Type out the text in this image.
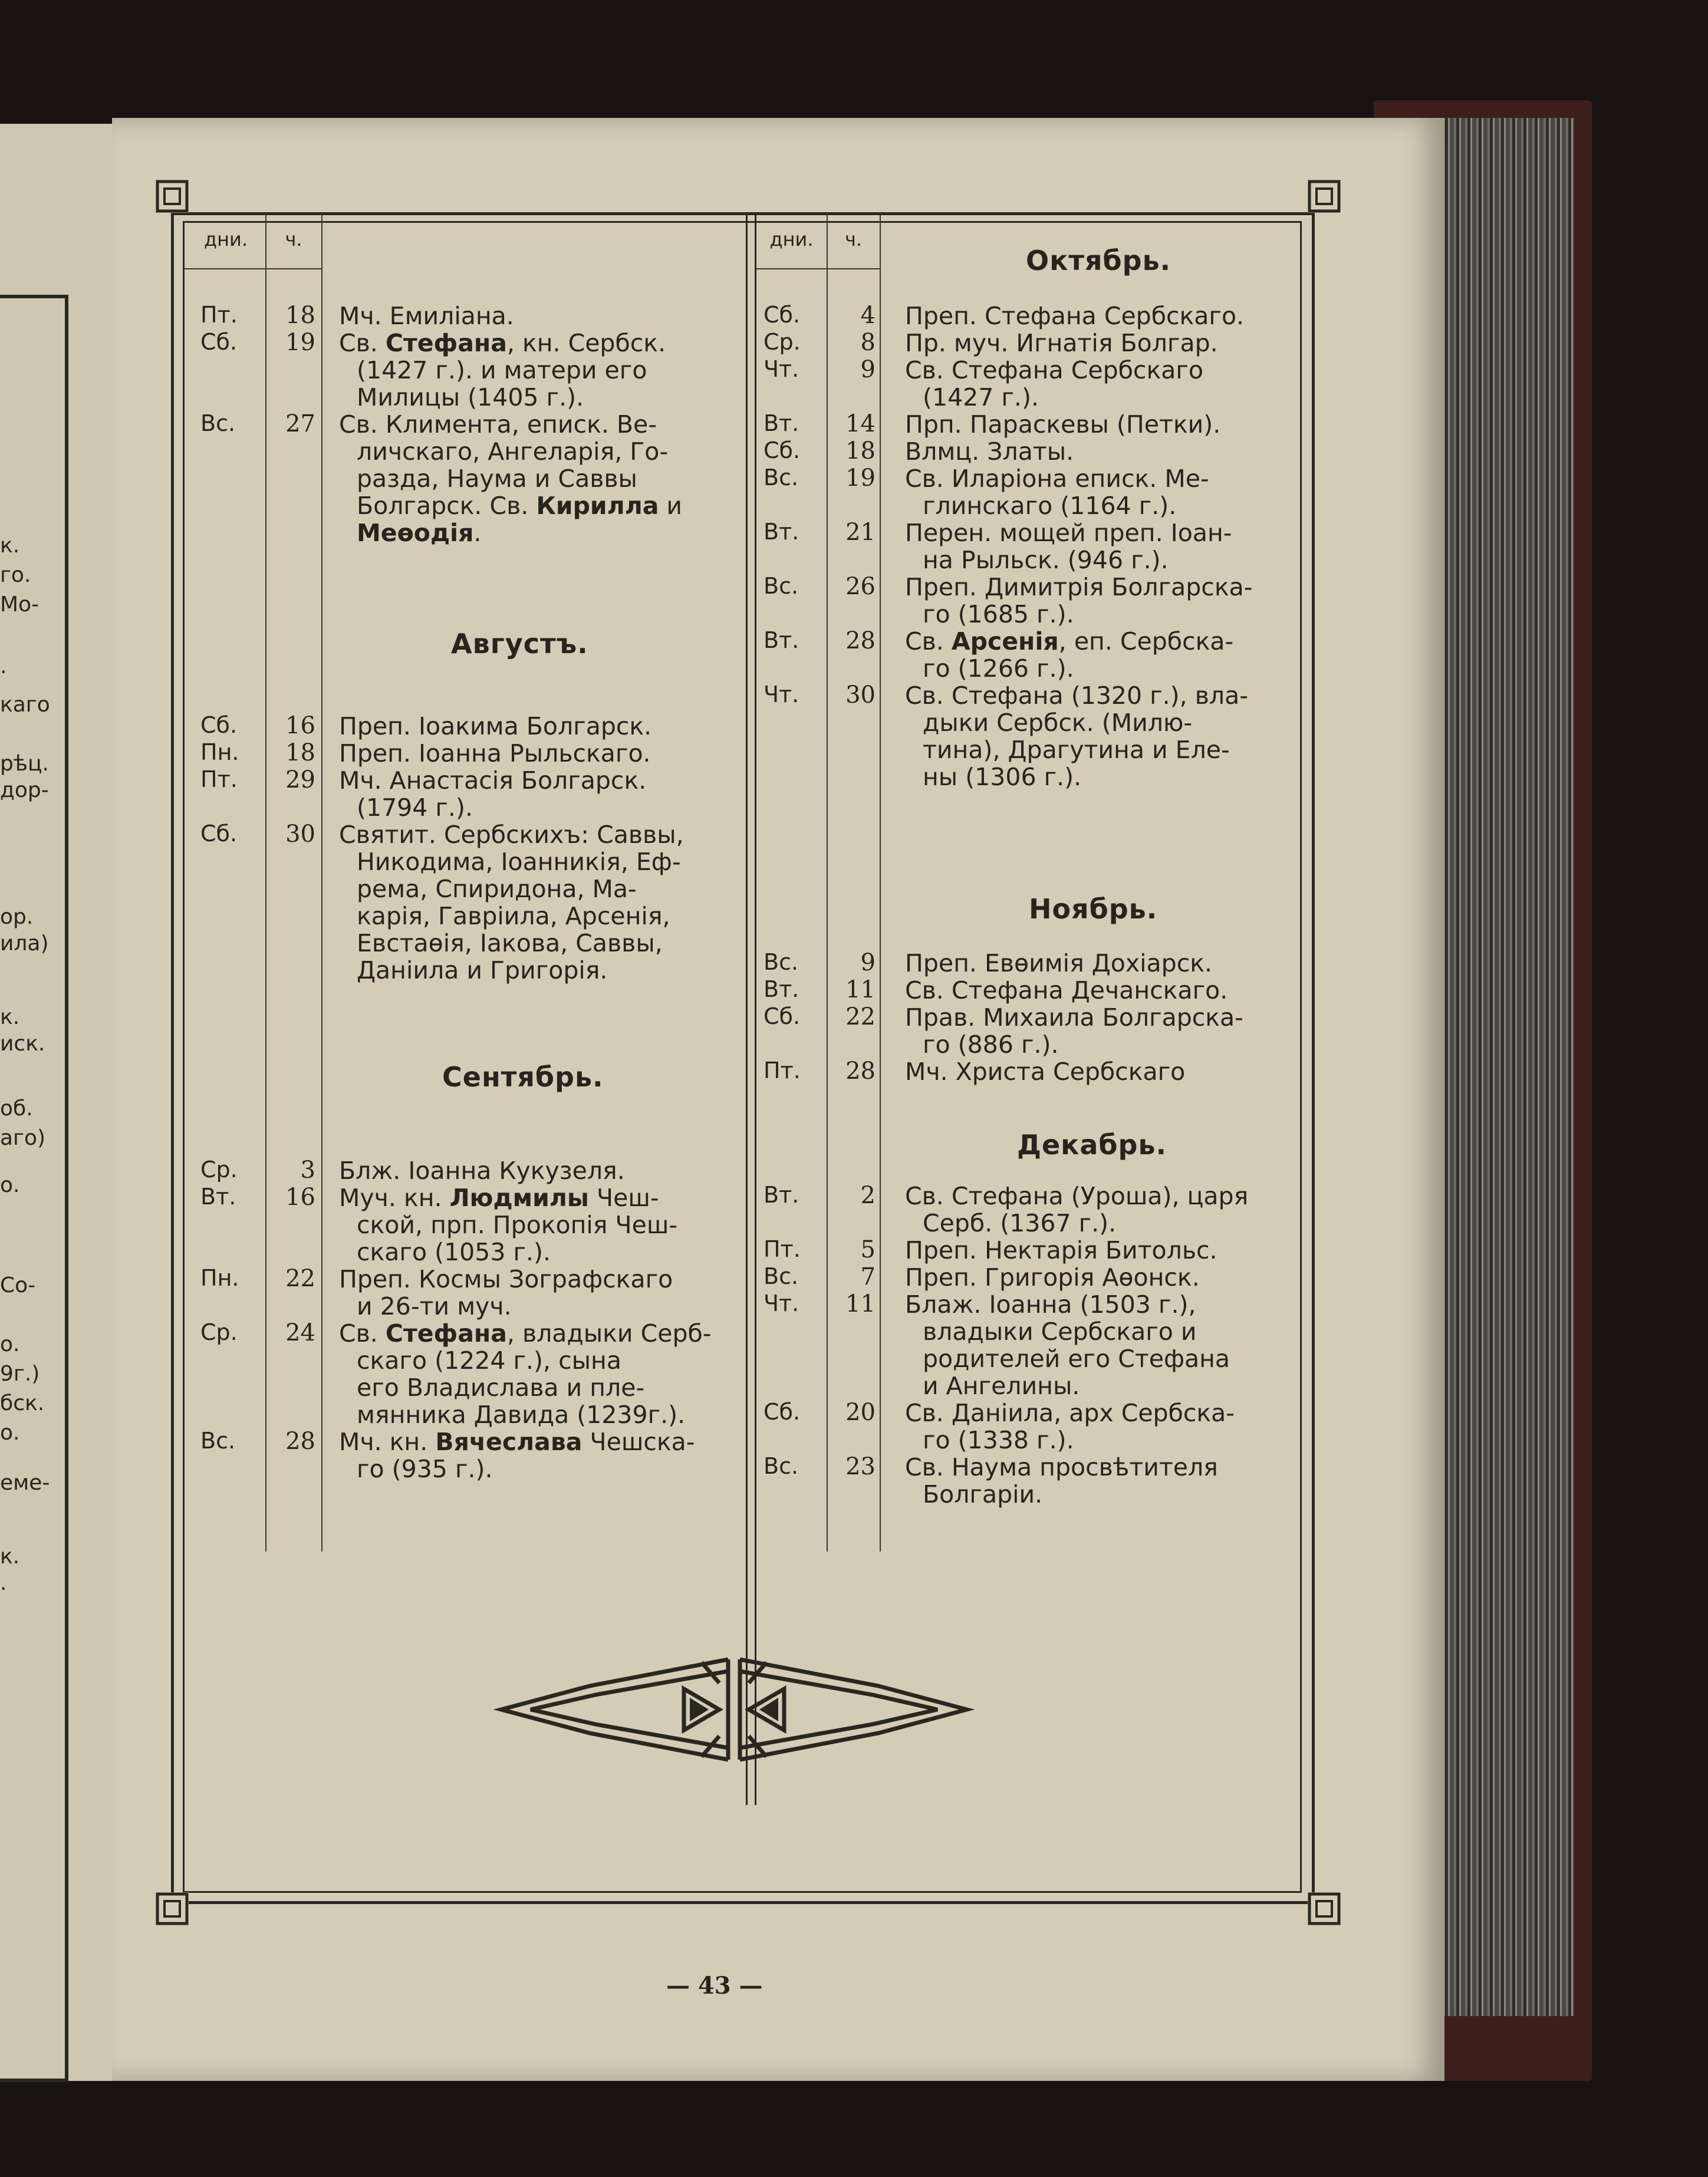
к.
го.
Мо-
.
каго
рѣц.
дор-
ор.
ила)
к.
иск.
об.
аго)
о.
Со-
о.
9г.)
бск.
о.
еме-
к.
.
дни.	ч.	дни.	ч.
Пт.	18 Мч. Емиліана.
Сб.	19 Св. Стефана, кн. Сербск.
(1427 г.). и матери его
Милицы (1405 г.).
Вс.	27 Св. Климента, еписк. Ве-
личскаго, Ангеларія, Го-
разда, Наума и Саввы
Болгарск. Св. Кирилла и
Меѳодія.
Сб.	16 Преп. Іоакима Болгарск.
Пн.	18 Преп. Іоанна Рыльскаго.
Пт.	29 Мч. Анастасія Болгарск.
(1794 г.).
Сб.	30 Святит. Сербскихъ: Саввы,
Никодима, Іоанникія, Еф-
рема, Спиридона, Ма-
карія, Гавріила, Арсенія,
Евстаѳія, Іакова, Саввы,
Даніила и Григорія.
Ср.	3 Блж. Іоанна Кукузеля.
Вт.	16 Муч. кн. Людмилы Чеш-
ской, прп. Прокопія Чеш-
скаго (1053 г.).
Пн.	22 Преп. Космы Зографскаго
и 26-ти муч.
Ср.	24 Св. Стефана, владыки Серб-
скаго (1224 г.), сына
его Владислава и пле-
мянника Давида (1239г.).
Вс.	28 Мч. кн. Вячеслава Чешска-
го (935 г.).
Сб.	4 Преп. Стефана Сербскаго.
Ср.	8 Пр. муч. Игнатія Болгар.
Чт.	9 Св. Стефана Сербскаго
(1427 г.).
Вт.	14 Прп. Параскевы (Петки).
Сб.	18 Влмц. Златы.
Вс.	19 Св. Иларіона еписк. Ме-
глинскаго (1164 г.).
Вт.	21 Перен. мощей преп. Іоан-
на Рыльск. (946 г.).
Вс.	26 Преп. Димитрія Болгарска-
го (1685 г.).
Вт.	28 Св. Арсенія, еп. Сербска-
го (1266 г.).
Чт.	30 Св. Стефана (1320 г.), вла-
дыки Сербск. (Милю-
тина), Драгутина и Еле-
ны (1306 г.).
Вс.	9 Преп. Евѳимія Дохіарск.
Вт.	11 Св. Стефана Дечанскаго.
Сб.	22 Прав. Михаила Болгарска-
го (886 г.).
Пт.	28 Мч. Христа Сербскаго
Вт.	2 Св. Стефана (Уроша), царя
Серб. (1367 г.).
Пт.	5 Преп. Нектарія Битольс.
Вс.	7 Преп. Григорія Аѳонск.
Чт.	11 Блаж. Іоанна (1503 г.),
владыки Сербскаго и
родителей его Стефана
и Ангелины.
Сб.	20 Св. Даніила, арх Сербска-
го (1338 г.).
Вс.	23 Св. Наума просвѣтителя
Болгаріи.
Августъ.
Сентябрь.
Октябрь.
Ноябрь.
Декабрь.
— 43 —
